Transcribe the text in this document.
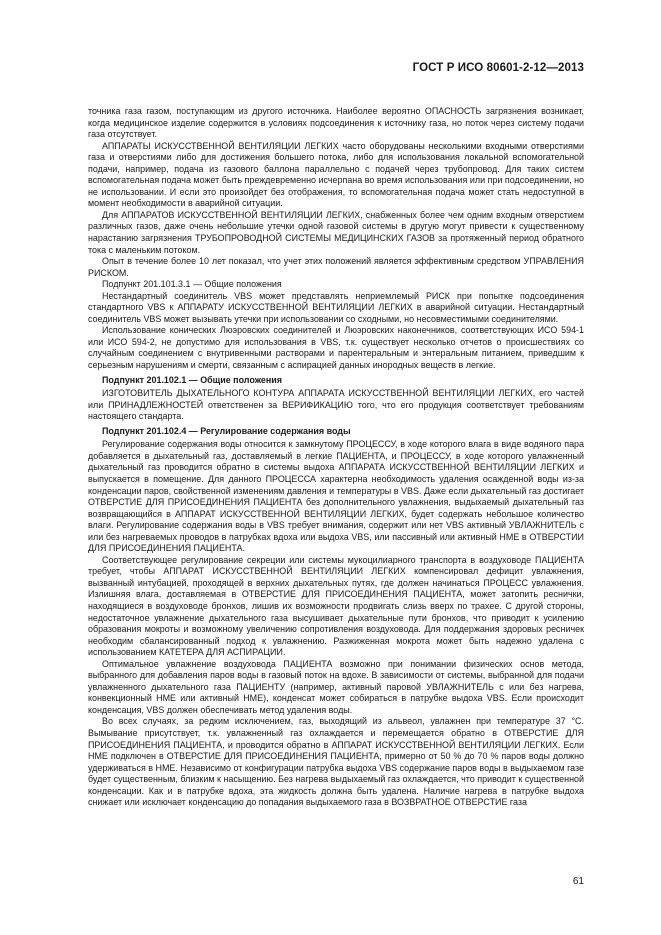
ГОСТ Р ИСО 80601-2-12—2013

точника газа газом, поступающим из другого источника. Наиболее вероятно ОПАСНОСТЬ загрязнения возникает, когда медицинское изделие содержится в условиях подсоединения к источнику газа, но поток через систему подачи газа отсутствует.

АППАРАТЫ ИСКУССТВЕННОЙ ВЕНТИЛЯЦИИ ЛЕГКИХ часто оборудованы несколькими входными отверстиями газа и отверстиями либо для достижения большего потока, либо для использования локальной вспомогательной подачи, например, подача из газового баллона параллельно с подачей через трубопровод. Для таких систем вспомогательная подача может быть преждевременно исчерпана во время использования или при подсоединении, но не использовании. И если это произойдет без отображения, то вспомогательная подача может стать недоступной в момент необходимости в аварийной ситуации.

Для АППАРАТОВ ИСКУССТВЕННОЙ ВЕНТИЛЯЦИИ ЛЕГКИХ, снабженных более чем одним входным отверстием различных газов, даже очень небольшие утечки одной газовой системы в другую могут привести к существенному нарастанию загрязнения ТРУБОПРОВОДНОЙ СИСТЕМЫ МЕДИЦИНСКИХ ГАЗОВ за протяженный период обратного тока с маленьким потоком.

Опыт в течение более 10 лет показал, что учет этих положений является эффективным средством УПРАВЛЕНИЯ РИСКОМ.

Подпункт 201.101.3.1 — Общие положения

Нестандартный соединитель VBS может представлять неприемлемый РИСК при попытке подсоединения стандартного VBS к АППАРАТУ ИСКУССТВЕННОЙ ВЕНТИЛЯЦИИ ЛЕГКИХ в аварийной ситуации. Нестандартный соединитель VBS может вызывать утечки при использовании со сходными, но несовместимыми соединителями.

Использование конических Люэровских соединителей и Люэровских наконечников, соответствующих ИСО 594-1 или ИСО 594-2, не допустимо для использования в VBS, т.к. существует несколько отчетов о происшествиях со случайным соединением с внутривенными растворами и парентеральным и энтеральным питанием, приведшим к серьезным нарушениям и смерти, связанным с аспирацией данных инородных веществ в легкие.

Подпункт 201.102.1 — Общие положения

ИЗГОТОВИТЕЛЬ ДЫХАТЕЛЬНОГО КОНТУРА АППАРАТА ИСКУССТВЕННОЙ ВЕНТИЛЯЦИИ ЛЕГКИХ, его частей или ПРИНАДЛЕЖНОСТЕЙ ответственен за ВЕРИФИКАЦИЮ того, что его продукция соответствует требованиям настоящего стандарта.

Подпункт 201.102.4 — Регулирование содержания воды

Регулирование содержания воды относится к замкнутому ПРОЦЕССУ, в ходе которого влага в виде водяного пара добавляется в дыхательный газ, доставляемый в легкие ПАЦИЕНТА, и ПРОЦЕССУ, в ходе которого увлажненный дыхательный газ проводится обратно в системы выдоха АППАРАТА ИСКУССТВЕННОЙ ВЕНТИЛЯЦИИ ЛЕГКИХ и выпускается в помещение. Для данного ПРОЦЕССА характерна необходимость удаления осажденной воды из-за конденсации паров, свойственной изменениям давления и температуры в VBS. Даже если дыхательный газ достигает ОТВЕРСТИЕ ДЛЯ ПРИСОЕДИНЕНИЯ ПАЦИЕНТА без дополнительного увлажнения, выдыхаемый дыхательный газ возвращающийся в АППАРАТ ИСКУССТВЕННОЙ ВЕНТИЛЯЦИИ ЛЕГКИХ, будет содержать небольшое количество влаги. Регулирование содержания воды в VBS требует внимания, содержит или нет VBS активный УВЛАЖНИТЕЛЬ с или без нагреваемых проводов в патрубках вдоха или выдоха VBS, или пассивный или активный HME в ОТВЕРСТИИ ДЛЯ ПРИСОЕДИНЕНИЯ ПАЦИЕНТА.

Соответствующее регулирование секреции или системы мукоцилиарного транспорта в воздуховоде ПАЦИЕНТА требует, чтобы АППАРАТ ИСКУССТВЕННОЙ ВЕНТИЛЯЦИИ ЛЕГКИХ компенсировал дефицит увлажнения, вызванный интубацией, проходящей в верхних дыхательных путях, где должен начинаться ПРОЦЕСС увлажнения. Излишняя влага, доставляемая в ОТВЕРСТИЕ ДЛЯ ПРИСОЕДИНЕНИЯ ПАЦИЕНТА, может затопить реснички, находящиеся в воздуховоде бронхов, лишив их возможности продвигать слизь вверх по трахее. С другой стороны, недостаточное увлажнение дыхательного газа высушивает дыхательные пути бронхов, что приводит к усилению образования мокроты и возможному увеличению сопротивления воздуховода. Для поддержания здоровых ресничек необходим сбалансированный подход к увлажнению. Разжиженная мокрота может быть надежно удалена с использованием КАТЕТЕРА ДЛЯ АСПИРАЦИИ.

Оптимальное увлажнение воздуховода ПАЦИЕНТА возможно при понимании физических основ метода, выбранного для добавления паров воды в газовый поток на вдохе. В зависимости от системы, выбранной для подачи увлажненного дыхательного газа ПАЦИЕНТУ (например, активный паровой УВЛАЖНИТЕЛЬ с или без нагрева, конвекционный HME или активный HME), конденсат может собираться в патрубке выдоха VBS. Если происходит конденсация, VBS должен обеспечивать метод удаления воды.

Во всех случаях, за редким исключением, газ, выходящий из альвеол, увлажнен при температуре 37 °С. Вымывание присутствует, т.к. увлажненный газ охлаждается и перемещается обратно в ОТВЕРСТИЕ ДЛЯ ПРИСОЕДИНЕНИЯ ПАЦИЕНТА, и проводится обратно в АППАРАТ ИСКУССТВЕННОЙ ВЕНТИЛЯЦИИ ЛЕГКИХ. Если HME подключен в ОТВЕРСТИЕ ДЛЯ ПРИСОЕДИНЕНИЯ ПАЦИЕНТА, примерно от 50 % до 70 % паров воды должно удерживаться в HME. Независимо от конфигурации патрубка выдоха VBS содержание паров воды в выдыхаемом газе будет существенным, близким к насыщению. Без нагрева выдыхаемый газ охлаждается, что приводит к существенной конденсации. Как и в патрубке вдоха, эта жидкость должна быть удалена. Наличие нагрева в патрубке выдоха снижает или исключает конденсацию до попадания выдыхаемого газа в ВОЗВРАТНОЕ ОТВЕРСТИЕ газа

61
